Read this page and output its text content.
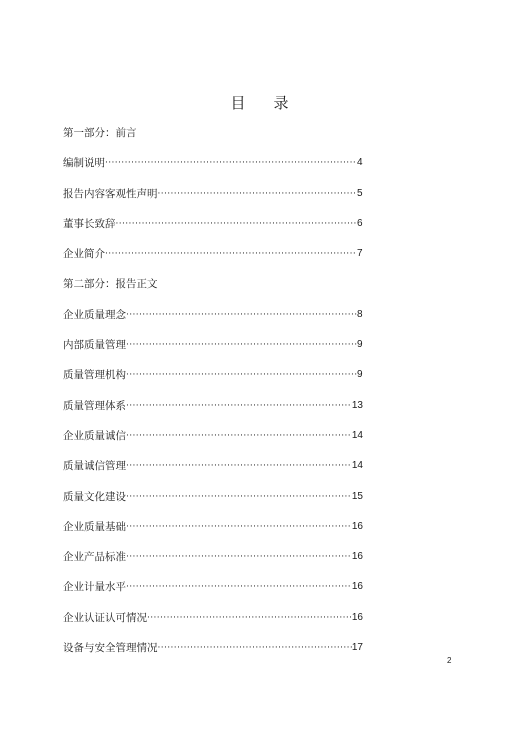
目 录
第一部分：前言
编制说明 ·····	4
报告内容客观性声明 ·····	5
董事长致辞 ·····	6
企业简介 ·····	7
第二部分：报告正文
企业质量理念 ·····	8
内部质量管理 ·····	9
质量管理机构 ·····	9
质量管理体系 ·····	13
企业质量诚信 ·····	14
质量诚信管理 ·····	14
质量文化建设 ·····	15
企业质量基础 ·····	16
企业产品标准 ·····	16
企业计量水平 ·····	16
企业认证认可情况 ·····	16
设备与安全管理情况 ·····	17
2
